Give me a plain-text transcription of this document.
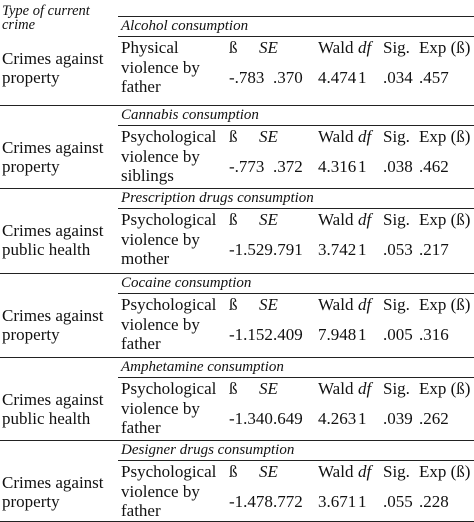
Type of current
crime	Alcohol consumption
Crimes against
property
Physical
violence by
father
ß SE Wald df Sig. Exp (ß)
-.783 .370 4.474 1 .034 .457
Cannabis consumption
Crimes against
property
Psychological
violence by
siblings
ß SE Wald df Sig. Exp (ß)
-.773 .372 4.316 1 .038 .462
Prescription drugs consumption
Crimes against
public health
Psychological
violence by
mother
ß SE Wald df Sig. Exp (ß)
-1.529 .791 3.742 1 .053 .217
Cocaine consumption
Crimes against
property
Psychological
violence by
father
ß SE Wald df Sig. Exp (ß)
-1.152 .409 7.948 1 .005 .316
Amphetamine consumption
Crimes against
public health
Psychological
violence by
father
ß SE Wald df Sig. Exp (ß)
-1.340 .649 4.263 1 .039 .262
Designer drugs consumption
Crimes against
property
Psychological
violence by
father
ß SE Wald df Sig. Exp (ß)
-1.478 .772 3.671 1 .055 .228
